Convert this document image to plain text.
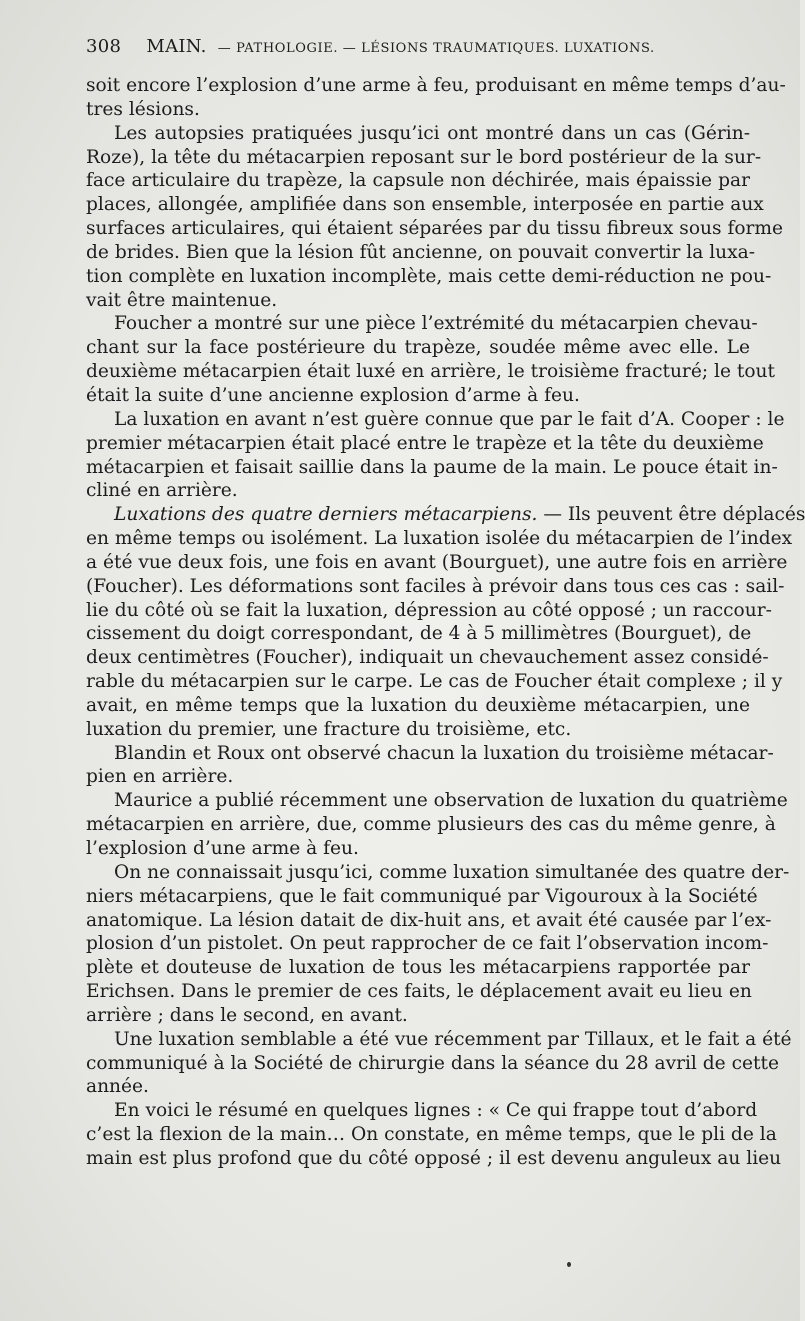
308 MAIN. — PATHOLOGIE. — LÉSIONS TRAUMATIQUES. LUXATIONS.
soit encore l’explosion d’une arme à feu, produisant en même temps d’au-
tres lésions.
Les autopsies pratiquées jusqu’ici ont montré dans un cas (Gérin-
Roze), la tête du métacarpien reposant sur le bord postérieur de la sur-
face articulaire du trapèze, la capsule non déchirée, mais épaissie par
places, allongée, amplifiée dans son ensemble, interposée en partie aux
surfaces articulaires, qui étaient séparées par du tissu fibreux sous forme
de brides. Bien que la lésion fût ancienne, on pouvait convertir la luxa-
tion complète en luxation incomplète, mais cette demi-réduction ne pou-
vait être maintenue.
Foucher a montré sur une pièce l’extrémité du métacarpien chevau-
chant sur la face postérieure du trapèze, soudée même avec elle. Le
deuxième métacarpien était luxé en arrière, le troisième fracturé; le tout
était la suite d’une ancienne explosion d’arme à feu.
La luxation en avant n’est guère connue que par le fait d’A. Cooper : le
premier métacarpien était placé entre le trapèze et la tête du deuxième
métacarpien et faisait saillie dans la paume de la main. Le pouce était in-
cliné en arrière.
Luxations des quatre derniers métacarpiens. — Ils peuvent être déplacés
en même temps ou isolément. La luxation isolée du métacarpien de l’index
a été vue deux fois, une fois en avant (Bourguet), une autre fois en arrière
(Foucher). Les déformations sont faciles à prévoir dans tous ces cas : sail-
lie du côté où se fait la luxation, dépression au côté opposé ; un raccour-
cissement du doigt correspondant, de 4 à 5 millimètres (Bourguet), de
deux centimètres (Foucher), indiquait un chevauchement assez considé-
rable du métacarpien sur le carpe. Le cas de Foucher était complexe ; il y
avait, en même temps que la luxation du deuxième métacarpien, une
luxation du premier, une fracture du troisième, etc.
Blandin et Roux ont observé chacun la luxation du troisième métacar-
pien en arrière.
Maurice a publié récemment une observation de luxation du quatrième
métacarpien en arrière, due, comme plusieurs des cas du même genre, à
l’explosion d’une arme à feu.
On ne connaissait jusqu’ici, comme luxation simultanée des quatre der-
niers métacarpiens, que le fait communiqué par Vigouroux à la Société
anatomique. La lésion datait de dix-huit ans, et avait été causée par l’ex-
plosion d’un pistolet. On peut rapprocher de ce fait l’observation incom-
plète et douteuse de luxation de tous les métacarpiens rapportée par
Erichsen. Dans le premier de ces faits, le déplacement avait eu lieu en
arrière ; dans le second, en avant.
Une luxation semblable a été vue récemment par Tillaux, et le fait a été
communiqué à la Société de chirurgie dans la séance du 28 avril de cette
année.
En voici le résumé en quelques lignes : « Ce qui frappe tout d’abord
c’est la flexion de la main… On constate, en même temps, que le pli de la
main est plus profond que du côté opposé ; il est devenu anguleux au lieu
